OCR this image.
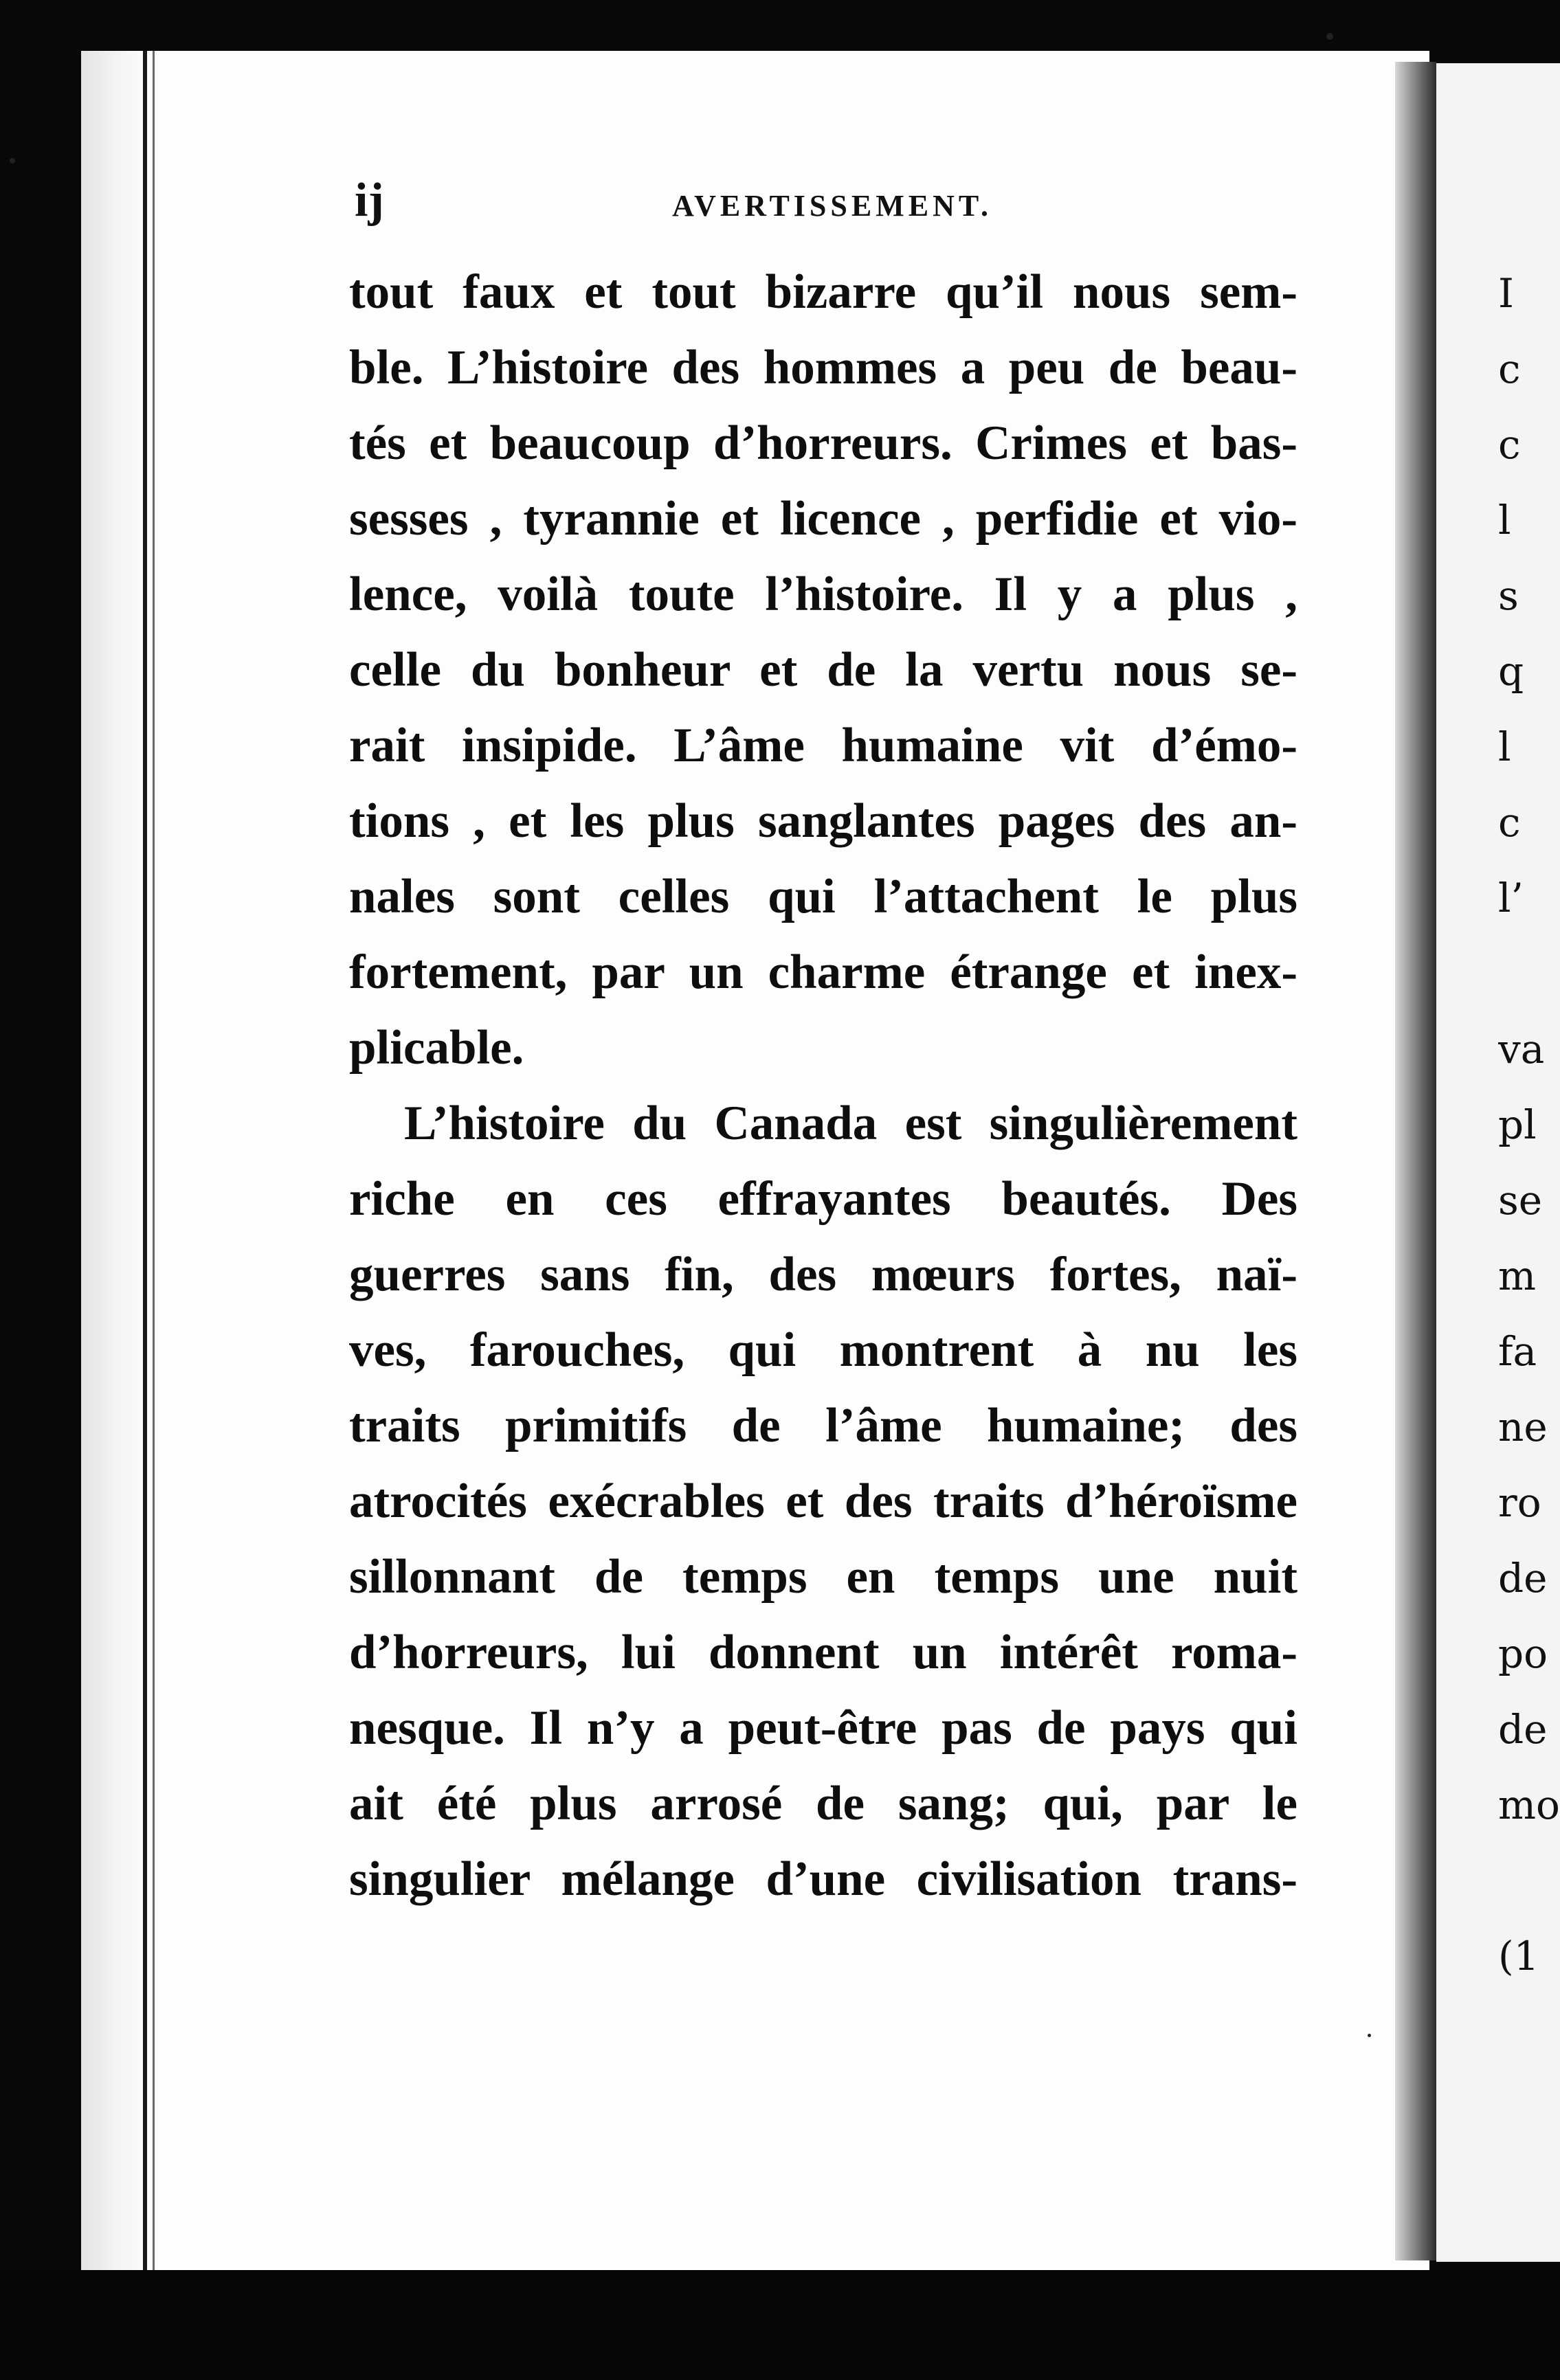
I
c
c
l
s
q
l
c
l’

va
pl
se
m
fa
ne
ro
de
po
de
mo

(1
ij	AVERTISSEMENT.
tout faux et tout bizarre qu’il nous sem-
ble. L’histoire des hommes a peu de beau-
tés et beaucoup d’horreurs. Crimes et bas-
sesses , tyrannie et licence , perfidie et vio-
lence, voilà toute l’histoire. Il y a plus ,
celle du bonheur et de la vertu nous se-
rait insipide. L’âme humaine vit d’émo-
tions , et les plus sanglantes pages des an-
nales sont celles qui l’attachent le plus
fortement, par un charme étrange et inex-
plicable.
L’histoire du Canada est singulièrement
riche en ces effrayantes beautés. Des
guerres sans fin, des mœurs fortes, naï-
ves, farouches, qui montrent à nu les
traits primitifs de l’âme humaine; des
atrocités exécrables et des traits d’héroïsme
sillonnant de temps en temps une nuit
d’horreurs, lui donnent un intérêt roma-
nesque. Il n’y a peut-être pas de pays qui
ait été plus arrosé de sang; qui, par le
singulier mélange d’une civilisation trans-
